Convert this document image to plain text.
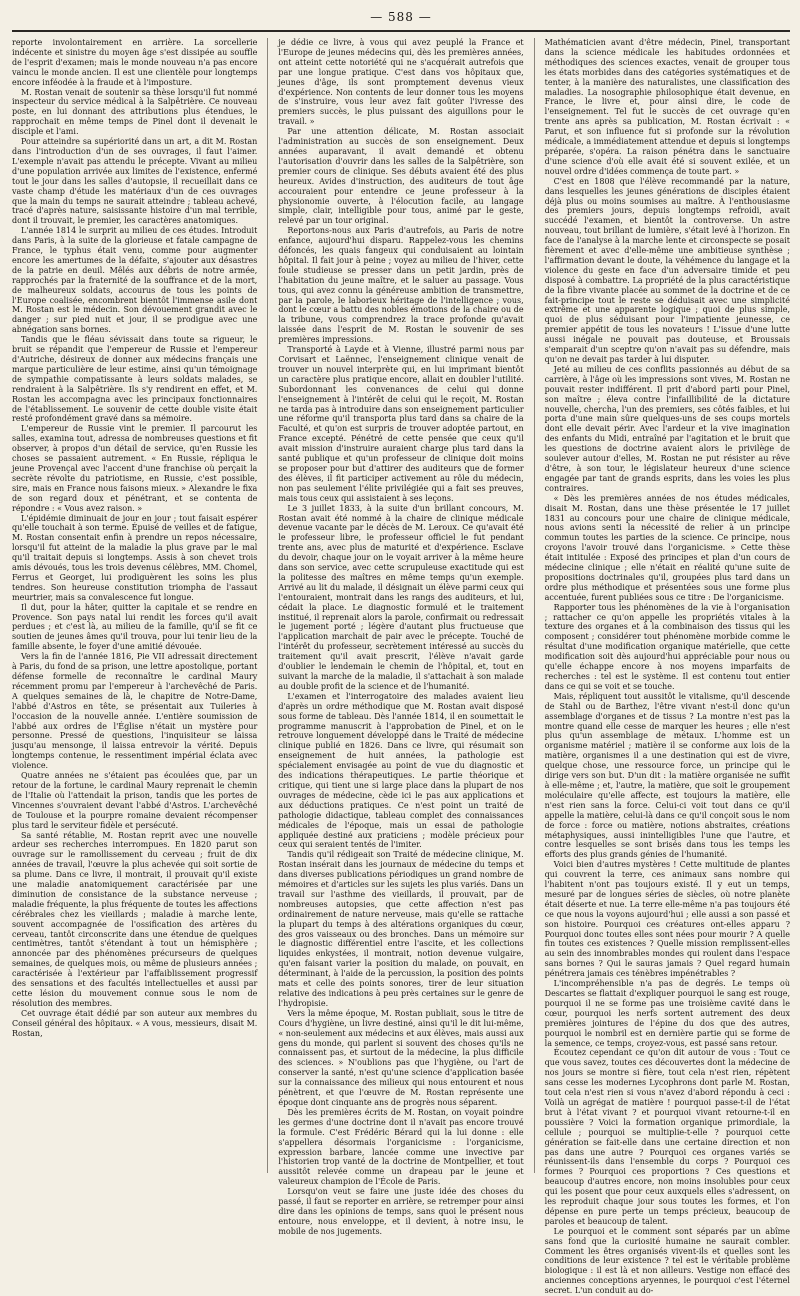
— 588 —

reporte involontairement en arrière. La sorcellerie indécente et sinistre du moyen âge s'est dissipée au souffle de l'esprit d'examen; mais le monde nouveau n'a pas encore vaincu le monde ancien. Il est une clientèle pour longtemps encore inféodée à la fraude et à l'imposture.

M. Rostan venait de soutenir sa thèse lorsqu'il fut nommé inspecteur du service médical à la Salpêtrière. Ce nouveau poste, en lui donnant des attributions plus étendues, le rapprochait en même temps de Pinel dont il devenait le disciple et l'ami.

Pour atteindre sa supériorité dans un art, a dit M. Rostan dans l'introduction d'un de ses ouvrages, il faut l'aimer. L'exemple n'avait pas attendu le précepte. Vivant au milieu d'une population arrivée aux limites de l'existence, enfermé tout le jour dans les salles d'autopsie, il recueillait dans ce vaste champ d'étude les matériaux d'un de ces ouvrages que la main du temps ne saurait atteindre ; tableau achevé, tracé d'après nature, saisissante histoire d'un mal terrible, dont il trouvait, le premier, les caractères anatomiques.

L'année 1814 le surprit au milieu de ces études. Introduit dans Paris, à la suite de la glorieuse et fatale campagne de France, le typhus était venu, comme pour augmenter encore les amertumes de la défaite, s'ajouter aux désastres de la patrie en deuil. Mêlés aux débris de notre armée, rapprochés par la fraternité de la souffrance et de la mort, de malheureux soldats, accourus de tous les points de l'Europe coalisée, encombrent bientôt l'immense asile dont M. Rostan est le médecin. Son dévouement grandit avec le danger ; sur pied nuit et jour, il se prodigue avec une abnégation sans bornes.

Tandis que le fléau sévissait dans toute sa rigueur, le bruit se répandit que l'empereur de Russie et l'empereur d'Autriche, désireux de donner aux médecins français une marque particulière de leur estime, ainsi qu'un témoignage de sympathie compatissante à leurs soldats malades, se rendraient à la Salpêtrière. Ils s'y rendirent en effet, et M. Rostan les accompagna avec les principaux fonctionnaires de l'établissement. Le souvenir de cette double visite était resté profondément gravé dans sa mémoire.

L'empereur de Russie vint le premier. Il parcourut les salles, examina tout, adressa de nombreuses questions et fit observer, à propos d'un détail de service, qu'en Russie les choses se passaient autrement. « En Russie, répliqua le jeune Provençal avec l'accent d'une franchise où perçait la secrète révolte du patriotisme, en Russie, c'est possible, sire, mais en France nous faisons mieux. » Alexandre le fixa de son regard doux et pénétrant, et se contenta de répondre : « Vous avez raison. »

L'épidémie diminuait de jour en jour ; tout faisait espérer qu'elle touchait à son terme. Épuisé de veilles et de fatigue, M. Rostan consentait enfin à prendre un repos nécessaire, lorsqu'il fut atteint de la maladie la plus grave par le mal qu'il traitait depuis si longtemps. Assis à son chevet trois amis dévoués, tous les trois devenus célèbres, MM. Chomel, Ferrus et Georget, lui prodiguèrent les soins les plus tendres. Son heureuse constitution triompha de l'assaut meurtrier, mais sa convalescence fut longue.

Il dut, pour la hâter, quitter la capitale et se rendre en Provence. Son pays natal lui rendit les forces qu'il avait perdues ; et c'est là, au milieu de la famille, qu'il se fit ce soutien de jeunes âmes qu'il trouva, pour lui tenir lieu de la famille absente, le foyer d'une amitié dévouée.

Vers la fin de l'année 1816, Pie VII adressait directement à Paris, du fond de sa prison, une lettre apostolique, portant défense formelle de reconnaître le cardinal Maury récemment promu par l'empereur à l'archevêché de Paris. A quelques semaines de là, le chapitre de Notre-Dame, l'abbé d'Astros en tête, se présentait aux Tuileries à l'occasion de la nouvelle année. L'entière soumission de l'abbé aux ordres de l'Église n'était un mystère pour personne. Pressé de questions, l'inquisiteur se laissa jusqu'au mensonge, il laissa entrevoir la vérité. Depuis longtemps contenue, le ressentiment impérial éclata avec violence.

Quatre années ne s'étaient pas écoulées que, par un retour de la fortune, le cardinal Maury reprenait le chemin de l'Italie où l'attendait la prison, tandis que les portes de Vincennes s'ouvraient devant l'abbé d'Astros. L'archevêché de Toulouse et la pourpre romaine devaient récompenser plus tard le serviteur fidèle et persécuté.

Sa santé rétablie, M. Rostan reprit avec une nouvelle ardeur ses recherches interrompues. En 1820 parut son ouvrage sur le ramollissement du cerveau ; fruit de dix années de travail, l'œuvre la plus achevée qui soit sortie de sa plume. Dans ce livre, il montrait, il prouvait qu'il existe une maladie anatomiquement caractérisée par une diminution de consistance de la substance nerveuse ; maladie fréquente, la plus fréquente de toutes les affections cérébrales chez les vieillards ; maladie à marche lente, souvent accompagnée de l'ossification des artères du cerveau, tantôt circonscrite dans une étendue de quelques centimètres, tantôt s'étendant à tout un hémisphère ; annoncée par des phénomènes précurseurs de quelques semaines, de quelques mois, ou même de plusieurs années ; caractérisée à l'extérieur par l'affaiblissement progressif des sensations et des facultés intellectuelles et aussi par cette lésion du mouvement connue sous le nom de résolution des membres.

Cet ouvrage était dédié par son auteur aux membres du Conseil général des hôpitaux. « A vous, messieurs, disait M. Rostan,

je dédie ce livre, à vous qui avez peuplé la France et l'Europe de jeunes médecins qui, dès les premières années, ont atteint cette notoriété qui ne s'acquérait autrefois que par une longue pratique. C'est dans vos hôpitaux que, jeunes d'âge, ils sont promptement devenus vieux d'expérience. Non contents de leur donner tous les moyens de s'instruire, vous leur avez fait goûter l'ivresse des premiers succès, le plus puissant des aiguillons pour le travail. »

Par une attention délicate, M. Rostan associait l'administration au succès de son enseignement. Deux années auparavant, il avait demandé et obtenu l'autorisation d'ouvrir dans les salles de la Salpêtrière, son premier cours de clinique. Ses débuts avaient été des plus heureux. Avides d'instruction, des auditeurs de tout âge accouraient pour entendre ce jeune professeur à la physionomie ouverte, à l'élocution facile, au langage simple, clair, intelligible pour tous, animé par le geste, relevé par un tour original.

Reportons-nous aux Paris d'autrefois, au Paris de notre enfance, aujourd'hui disparu. Rappelez-vous les chemins défoncés, les quais fangeux qui conduisaient au lointain hôpital. Il fait jour à peine ; voyez au milieu de l'hiver, cette foule studieuse se presser dans un petit jardin, près de l'habitation du jeune maître, et le saluer au passage. Vous tous, qui avez connu la généreuse ambition de transmettre, par la parole, le laborieux héritage de l'intelligence ; vous, dont le cœur a battu des nobles émotions de la chaire ou de la tribune, vous comprendrez la trace profonde qu'avait laissée dans l'esprit de M. Rostan le souvenir de ses premières impressions.

Transporté à Layde et à Vienne, illustré parmi nous par Corvisart et Laënnec, l'enseignement clinique venait de trouver un nouvel interprète qui, en lui imprimant bientôt un caractère plus pratique encore, allait en doubler l'utilité. Subordonnant les convenances de celui qui donne l'enseignement à l'intérêt de celui qui le reçoit, M. Rostan ne tarda pas à introduire dans son enseignement particulier une réforme qu'il transporta plus tard dans sa chaire de la Faculté, et qu'on est surpris de trouver adoptée partout, en France excepté. Pénétré de cette pensée que ceux qu'il avait mission d'instruire auraient charge plus tard dans la santé publique et qu'un professeur de clinique doit moins se proposer pour but d'attirer des auditeurs que de former des élèves, il fit participer activement au rôle du médecin, non pas seulement l'élite privilégiée qui a fait ses preuves, mais tous ceux qui assistaient à ses leçons.

Le 3 juillet 1833, à la suite d'un brillant concours, M. Rostan avait été nommé à la chaire de clinique médicale devenue vacante par le décès de M. Leroux. Ce qu'avait été le professeur libre, le professeur officiel le fut pendant trente ans, avec plus de maturité et d'expérience. Esclave du devoir, chaque jour on le voyait arriver à la même heure dans son service, avec cette scrupuleuse exactitude qui est la politesse des maîtres en même temps qu'un exemple. Arrivé au lit du malade, il désignait un élève parmi ceux qui l'entouraient, montrait dans les rangs des auditeurs, et lui, cédait la place. Le diagnostic formulé et le traitement institué, il reprenait alors la parole, confirmait ou redressait le jugement porté ; légère d'autant plus fructueuse que l'application marchait de pair avec le précepte. Touché de l'intérêt du professeur, secrètement intéressé au succès du traitement qu'il avait prescrit, l'élève n'avait garde d'oublier le lendemain le chemin de l'hôpital, et, tout en suivant la marche de la maladie, il s'attachait à son malade au double profit de la science et de l'humanité.

L'examen et l'interrogatoire des malades avaient lieu d'après un ordre méthodique que M. Rostan avait disposé sous forme de tableau. Dès l'année 1814, il en soumettait le programme manuscrit à l'approbation de Pinel, et on le retrouve longuement développé dans le Traité de médecine clinique publié en 1826. Dans ce livre, qui résumait son enseignement de huit années, la pathologie est spécialement envisagée au point de vue du diagnostic et des indications thérapeutiques. Le partie théorique et critique, qui tient une si large place dans la plupart de nos ouvrages de médecine, cède ici le pas aux applications et aux déductions pratiques. Ce n'est point un traité de pathologie didactique, tableau complet des connaissances médicales de l'époque, mais un essai de pathologie appliquée destiné aux praticiens ; modèle précieux pour ceux qui seraient tentés de l'imiter.

Tandis qu'il rédigeait son Traité de médecine clinique, M. Rostan insérait dans les journaux de médecine du temps et dans diverses publications périodiques un grand nombre de mémoires et d'articles sur les sujets les plus variés. Dans un travail sur l'asthme des vieillards, il prouvait, par de nombreuses autopsies, que cette affection n'est pas ordinairement de nature nerveuse, mais qu'elle se rattache la plupart du temps à des altérations organiques du cœur, des gros vaisseaux ou des bronches. Dans un mémoire sur le diagnostic différentiel entre l'ascite, et les collections liquides enkystées, il montrait, notion devenue vulgaire, qu'en faisant varier la position du malade, on pouvait, en déterminant, à l'aide de la percussion, la position des points mats et celle des points sonores, tirer de leur situation relative des indications à peu près certaines sur le genre de l'hydropisie.

Vers la même époque, M. Rostan publiait, sous le titre de Cours d'hygiène, un livre destiné, ainsi qu'il le dit lui-même, « non-seulement aux médecins et aux élèves, mais aussi aux gens du monde, qui parlent si souvent des choses qu'ils ne connaissent pas, et surtout de la médecine, la plus difficile des sciences. » N'oublions pas que l'hygiène, ou l'art de conserver la santé, n'est qu'une science d'application basée sur la connaissance des milieux qui nous entourent et nous pénètrent, et que l'œuvre de M. Rostan représente une époque dont cinquante ans de progrès nous séparent.

Dès les premières écrits de M. Rostan, on voyait poindre les germes d'une doctrine dont il n'avait pas encore trouvé la formule. C'est Frédéric Bérard qui la lui donne : elle s'appellera désormais l'organicisme : l'organicisme, expression barbare, lancée comme une invective par l'historien trop vanté de la doctrine de Montpellier, et tout aussitôt relevée comme un drapeau par le jeune et valeureux champion de l'École de Paris.

Lorsqu'on veut se faire une juste idée des choses du passé, il faut se reporter en arrière, se retremper pour ainsi dire dans les opinions de temps, sans quoi le présent nous entoure, nous enveloppe, et il devient, à notre insu, le mobile de nos jugements.

Mathématicien avant d'être médecin, Pinel, transportant dans la science médicale les habitudes ordonnées et méthodiques des sciences exactes, venait de grouper tous les états morbides dans des catégories systématiques et de tenter, à la manière des naturalistes, une classification des maladies. La nosographie philosophique était devenue, en France, le livre et, pour ainsi dire, le code de l'enseignement. Tel fut le succès de cet ouvrage qu'en trente ans après sa publication, M. Rostan écrivait : « Parut, et son influence fut si profonde sur la révolution médicale, a immédiatement attendue et depuis si longtemps préparée, s'opéra. La raison pénétra dans le sanctuaire d'une science d'où elle avait été si souvent exilée, et un nouvel ordre d'idées commença de toute part. »

C'est en 1808 que l'élève recommandé par la nature, dans lesquelles les jeunes générations de disciples étaient déjà plus ou moins soumises au maître. À l'enthousiasme des premiers jours, depuis longtemps refroidi, avait succédé l'examen, et bientôt la controverse. Un astre nouveau, tout brillant de lumière, s'était levé à l'horizon. En face de l'analyse à la marche lente et circonspecte se posait fièrement et avec d'elle-même une ambitieuse synthèse ; l'affirmation devant le doute, la véhémence du langage et la violence du geste en face d'un adversaire timide et peu disposé à combattre. La propriété de la plus caractéristique de la fibre vivante placée au sommet de la doctrine et de ce fait-principe tout le reste se déduisait avec une simplicité extrême et une apparente logique ; quoi de plus simple, quoi de plus séduisant pour l'impatiente jeunesse, ce premier appétit de tous les novateurs ! L'issue d'une lutte aussi inégale ne pouvait pas douteuse, et Broussais s'emparait d'un sceptre qu'on n'avait pas su défendre, mais qu'on ne devait pas tarder à lui disputer.

Jeté au milieu de ces conflits passionnés au début de sa carrière, à l'âge où les impressions sont vives, M. Rostan ne pouvait rester indifférent. Il prit d'abord parti pour Pinel, son maître ; éleva contre l'infaillibilité de la dictature nouvelle, chercha, l'un des premiers, ses côtés faibles, et lui porta d'une main sûre quelques-uns de ses coups mortels dont elle devait périr. Avec l'ardeur et la vive imagination des enfants du Midi, entraîné par l'agitation et le bruit que les questions de doctrine avaient alors le privilège de soulever autour d'elles, M. Rostan ne put résister au rêve d'être, à son tour, le législateur heureux d'une science engagée par tant de grands esprits, dans les voies les plus contraires.

« Dès les premières années de nos études médicales, disait M. Rostan, dans une thèse présentée le 17 juillet 1831 au concours pour une chaire de clinique médicale, nous avions senti la nécessité de relier à un principe commun toutes les parties de la science. Ce principe, nous croyons l'avoir trouvé dans l'organicisme. » Cette thèse était intitulée : Exposé des principes et plan d'un cours de médecine clinique ; elle n'était en réalité qu'une suite de propositions doctrinales qu'il, groupées plus tard dans un ordre plus méthodique et présentées sous une forme plus accentuée, furent publiées sous ce titre : De l'organicisme.

Rapporter tous les phénomènes de la vie à l'organisation ; rattacher ce qu'on appelle les propriétés vitales à la texture des organes et à la combinaison des tissus qui les composent ; considérer tout phénomène morbide comme le résultat d'une modification organique matérielle, que cette modification soit dès aujourd'hui appréciable pour nous ou qu'elle échappe encore à nos moyens imparfaits de recherches : tel est le système. Il est contenu tout entier dans ce qui se voit et se touche.

Mais, répliquent tout aussitôt le vitalisme, qu'il descende de Stahl ou de Barthez, l'être vivant n'est-il donc qu'un assemblage d'organes et de tissus ? La montre n'est pas la montre quand elle cesse de marquer les heures ; elle n'est plus qu'un assemblage de métaux. L'homme est un organisme matériel ; matière il se conforme aux lois de la matière, organismes il a une destination qui est de vivre, quelque chose, une ressource force, un principe qui le dirige vers son but. D'un dit : la matière organisée ne suffit à elle-même ; et, l'autre, la matière, que soit le groupement moléculaire qu'elle affecte, est toujours la matière, elle n'est rien sans la force. Celui-ci voit tout dans ce qu'il appelle la matière, celui-là dans ce qu'il conçoit sous le nom de force : force ou matière, notions abstraites, créations métaphysiques, aussi inintelligibles l'une que l'autre, et contre lesquelles se sont brisés dans tous les temps les efforts des plus grands génies de l'humanité.

Voici bien d'autres mystères ! Cette multitude de plantes qui couvrent la terre, ces animaux sans nombre qui l'habitent n'ont pas toujours existé. Il y eut un temps, mesuré par de longues séries de siècles, où notre planète était déserte et nue. La terre elle-même n'a pas toujours été ce que nous la voyons aujourd'hui ; elle aussi a son passé et son histoire. Pourquoi ces créatures ont-elles apparu ? Pourquoi donc toutes elles sont nées pour mourir ? A quelle fin toutes ces existences ? Quelle mission remplissent-elles au sein des innombrables mondes qui roulent dans l'espace sans bornes ? Qui le sauras jamais ? Quel regard humain pénétrera jamais ces ténèbres impénétrables ?

L'incompréhensible n'a pas de degrés. Le temps où Descartes se flattait d'expliquer pourquoi le sang est rouge, pourquoi il ne se forme pas une troisième cavité dans le cœur, pourquoi les nerfs sortent autrement des deux premières jointures de l'épine du dos que des autres, pourquoi le nombril est en dernière partie qui se forme de la semence, ce temps, croyez-vous, est passé sans retour.

Écoutez cependant ce qu'on dit autour de vous : Tout ce que vous savez, toutes ces découvertes dont la médecine de nos jours se montre si fière, tout cela n'est rien, répètent sans cesse les modernes Lycophrons dont parle M. Rostan, tout cela n'est rien si vous n'avez d'abord répondu à ceci : Voilà un agrégat de matière ! pourquoi passe-t-il de l'état brut à l'état vivant ? et pourquoi vivant retourne-t-il en poussière ? Voici la formation organique primordiale, la cellule ; pourquoi se multiplie-t-elle ? pourquoi cette génération se fait-elle dans une certaine direction et non pas dans une autre ? Pourquoi ces organes variés se réunissent-ils dans l'ensemble du corps ? Pourquoi ces formes ? Pourquoi ces proportions ? Ces questions et beaucoup d'autres encore, non moins insolubles pour ceux qui les posent que pour ceux auxquels elles s'adressent, on les reproduit chaque jour sous toutes les formes, et l'on dépense en pure perte un temps précieux, beaucoup de paroles et beaucoup de talent.

Le pourquoi et le comment sont séparés par un abîme sans fond que la curiosité humaine ne saurait combler. Comment les êtres organisés vivent-ils et quelles sont les conditions de leur existence ? tel est le véritable problème biologique : il est là et non ailleurs. Vestige non effacé des anciennes conceptions aryennes, le pourquoi c'est l'éternel secret. L'un conduit au do-
